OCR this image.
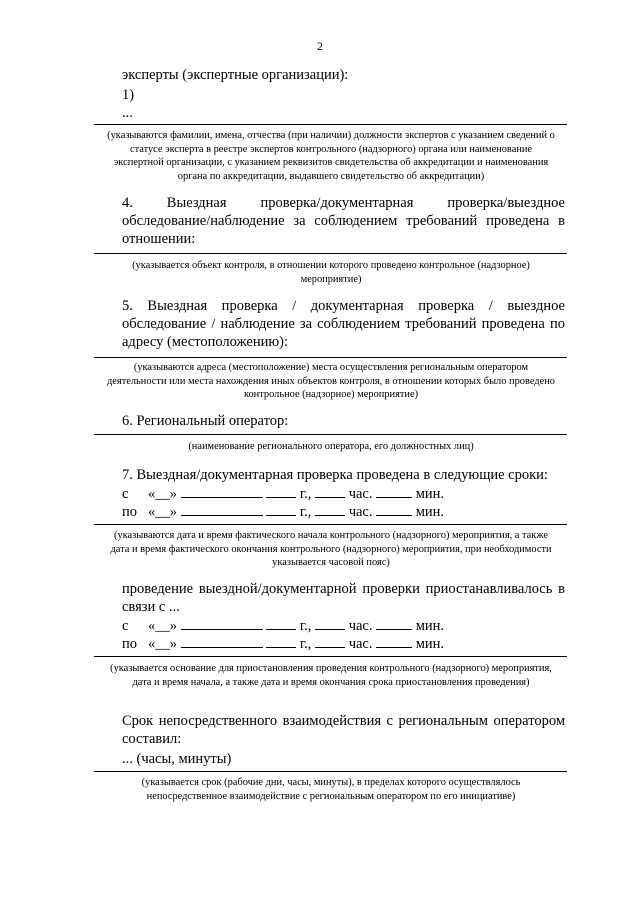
2

эксперты (экспертные организации):

1)

...

(указываются фамилии, имена, отчества (при наличии) должности экспертов с указанием сведений о статусе эксперта в реестре экспертов контрольного (надзорного) органа или наименование экспертной организации, с указанием реквизитов свидетельства об аккредитации и наименования органа по аккредитации, выдавшего свидетельство об аккредитации)

4. Выездная проверка/документарная проверка/выездное обследование/наблюдение за соблюдением требований проведена в отношении:

(указывается объект контроля, в отношении которого проведено контрольное (надзорное) мероприятие)

5. Выездная проверка / документарная проверка / выездное обследование / наблюдение за соблюдением требований проведена по адресу (местоположению):

(указываются адреса (местоположение) места осуществления региональным оператором деятельности или места нахождения иных объектов контроля, в отношении которых было проведено контрольное (надзорное) мероприятие)

6. Региональный оператор:

(наименование регионального оператора, его должностных лиц)

7. Выездная/документарная проверка проведена в следующие сроки:

с «__»	г.,	час.	мин.
по «__»	г.,	час.	мин.

(указываются дата и время фактического начала контрольного (надзорного) мероприятия, а также дата и время фактического окончания контрольного (надзорного) мероприятия, при необходимости указывается часовой пояс)

проведение выездной/документарной проверки приостанавливалось в связи с ...

с «__»	г.,	час.	мин.
по «__»	г.,	час.	мин.

(указывается основание для приостановления проведения контрольного (надзорного) мероприятия, дата и время начала, а также дата и время окончания срока приостановления проведения)

Срок непосредственного взаимодействия с региональным оператором составил:

... (часы, минуты)

(указывается срок (рабочие дни, часы, минуты), в пределах которого осуществлялось непосредственное взаимодействие с региональным оператором по его инициативе)
